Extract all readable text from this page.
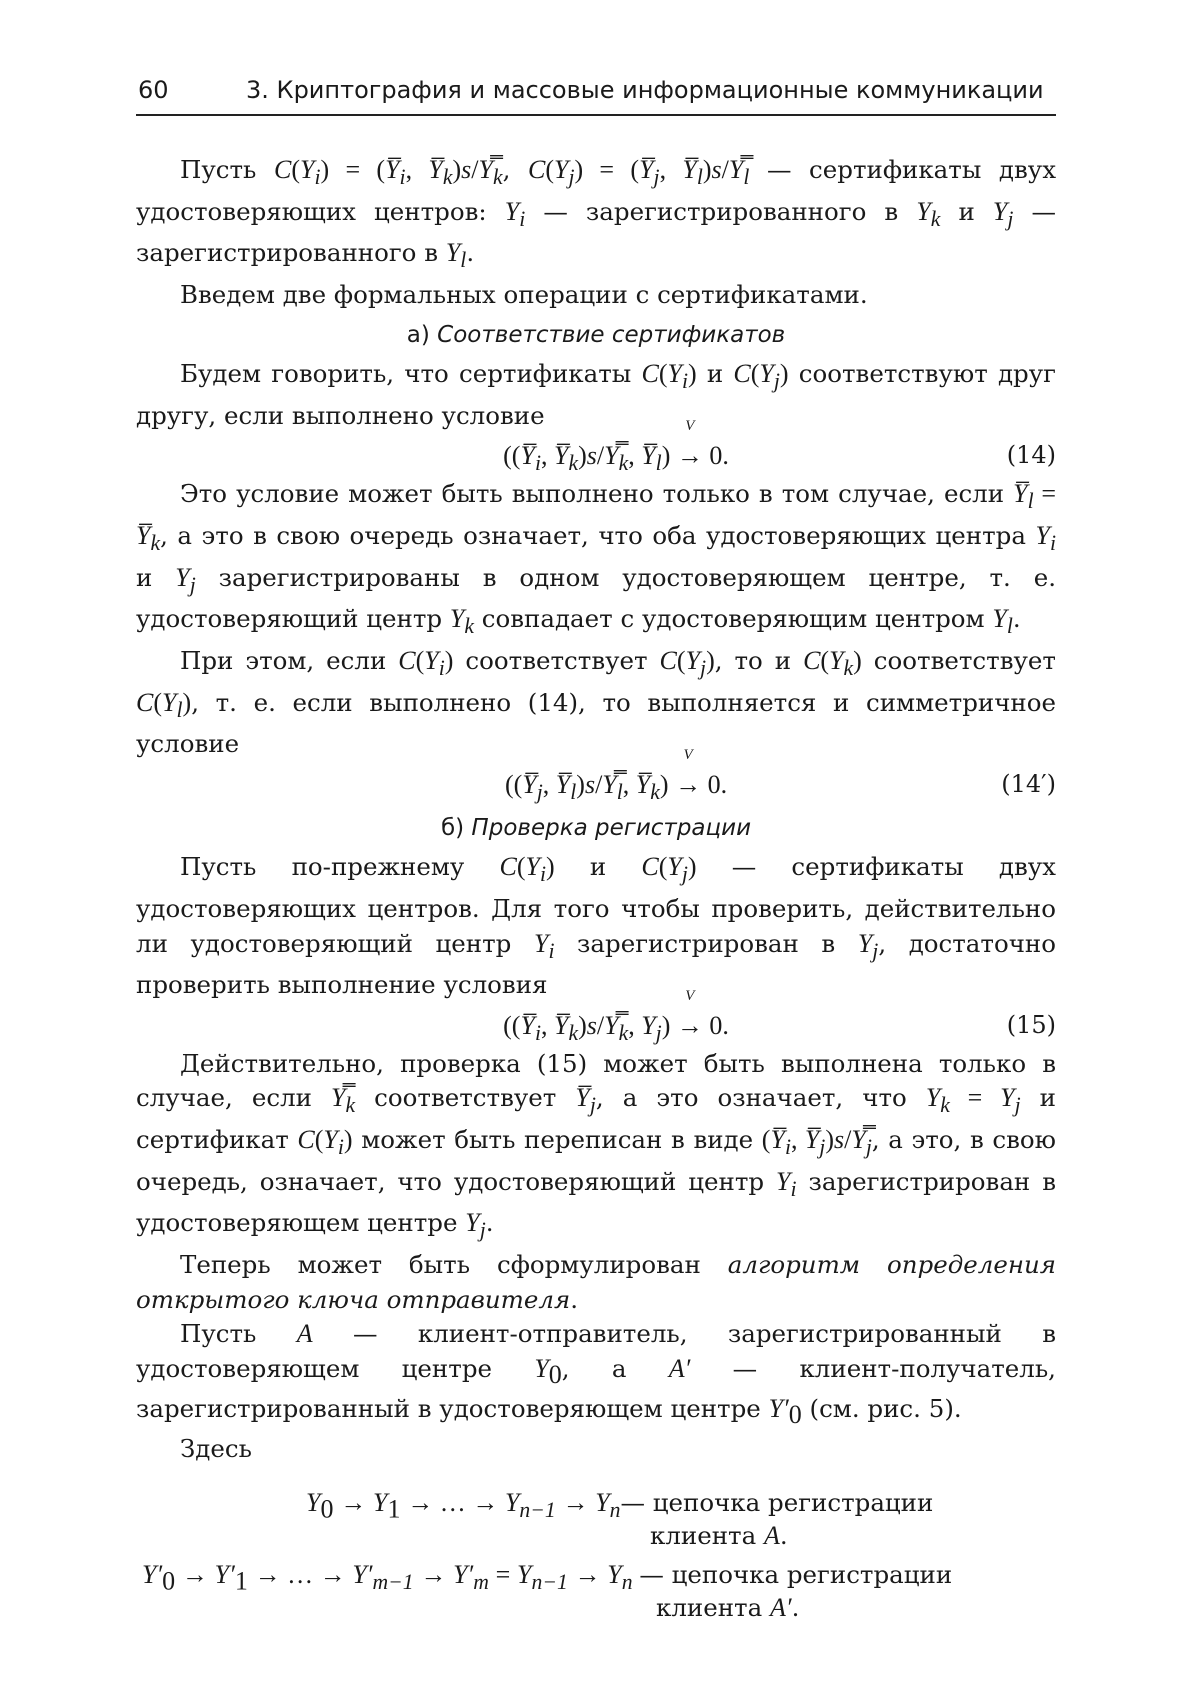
60	3. Криптография и массовые информационные коммуникации

Пусть $C(Y_i)$ = ($Y̅_i$, $Y̅_k)s/Y̿_k$, $C(Y_j)$ = ($Y̅_j$, $Y̅_l)s/Y̿_l$ — сертификаты двух удостоверяющих центров: $Y_i$ — зарегистрированного в $Y_k$ и $Y_j$ — зарегистрированного в $Y_l$.

Введем две формальных операции с сертификатами.

а) Соответствие сертификатов

Будем говорить, что сертификаты $C(Y_i)$ и $C(Y_j)$ соответствуют друг другу, если выполнено условие

(($Y̅_i$, $Y̅_k)s/Y̿_k$, $Y̅_l$)
V
→ 0.	(14)

Это условие может быть выполнено только в том случае, если $Y̅_l$ = $Y̅_k$, а это в свою очередь означает, что оба удостоверяющих центра $Y_i$ и $Y_j$ зарегистрированы в одном удостоверяющем центре, т. е. удостоверяющий центр $Y_k$ совпадает с удостоверяющим центром $Y_l$.

При этом, если $C(Y_i)$ соответствует $C(Y_j)$, то и $C(Y_k)$ соответствует $C(Y_l)$, т. е. если выполнено (14), то выполняется и симметричное условие

(($Y̅_j$, $Y̅_l)s/Y̿_l$, $Y̅_k$)
V
→ 0.	(14′)

б) Проверка регистрации

Пусть по-прежнему $C(Y_i)$ и $C(Y_j)$ — сертификаты двух удостоверяющих центров. Для того чтобы проверить, действительно ли удостоверяющий центр $Y_i$ зарегистрирован в $Y_j$, достаточно проверить выполнение условия

(($Y̅_i$, $Y̅_k)s/Y̿_k$, $Y_j$)
V
→ 0.	(15)

Действительно, проверка (15) может быть выполнена только в случае, если $Y̿_k$ соответствует $Y̅_j$, а это означает, что $Y_k = Y_j$ и сертификат $C(Y_i)$ может быть переписан в виде ($Y̅_i$, $Y̅_j)s/Y̿_j$, а это, в свою очередь, означает, что удостоверяющий центр $Y_i$ зарегистрирован в удостоверяющем центре $Y_j$.

Теперь может быть сформулирован алгоритм определения открытого ключа отправителя.

Пусть A — клиент-отправитель, зарегистрированный в удостоверяющем центре $Y_0$, а A′ — клиент-получатель, зарегистрированный в удостоверяющем центре $Y'_0$ (см. рис. 5).

Здесь

$Y_0 \to Y_1$ → … → $Y_{n-1}$ → $Y_n—$ цепочка регистрации
клиента A.
$Y'_0 \to Y'_1$ → … → $Y'_{m-1} \to Y'_m = Y_{n-1} \to Y_n$ — цепочка регистрации
клиента A′.
